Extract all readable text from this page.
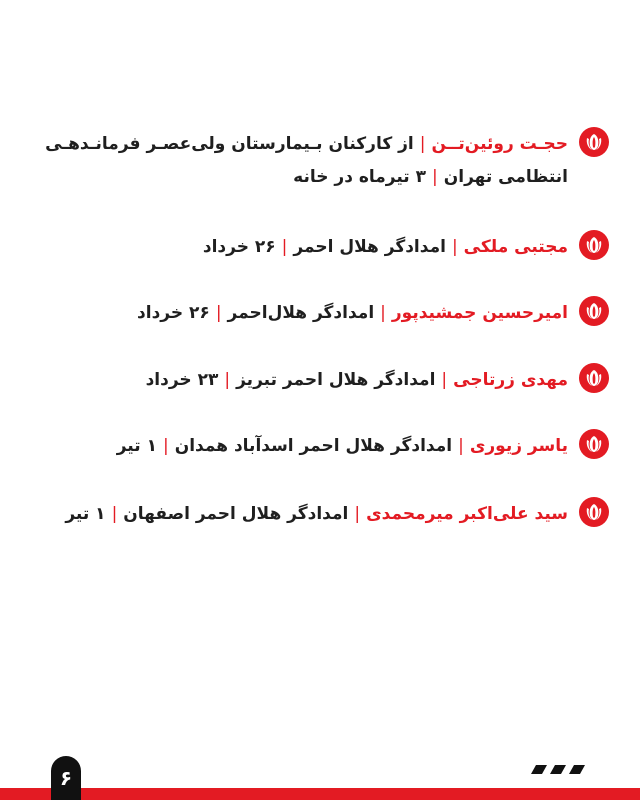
حجـت روئین‌تــن|از کارکنان بـیمارستان ولی‌عصـر فرمانـدهـی
انتظامی تهران|۳ تیرماه در خانه
مجتبی ملکی|امدادگر هلال احمر|۲۶ خرداد
امیرحسین جمشیدپور|امدادگر هلال‌احمر|۲۶ خرداد
مهدی زرتاجی|امدادگر هلال احمر تبریز|۲۳ خرداد
یاسر زیوری|امدادگر هلال احمر اسدآباد همدان|۱ تیر
سید علی‌اکبر میرمحمدی|امدادگر هلال احمر اصفهان|۱ تیر
۶
